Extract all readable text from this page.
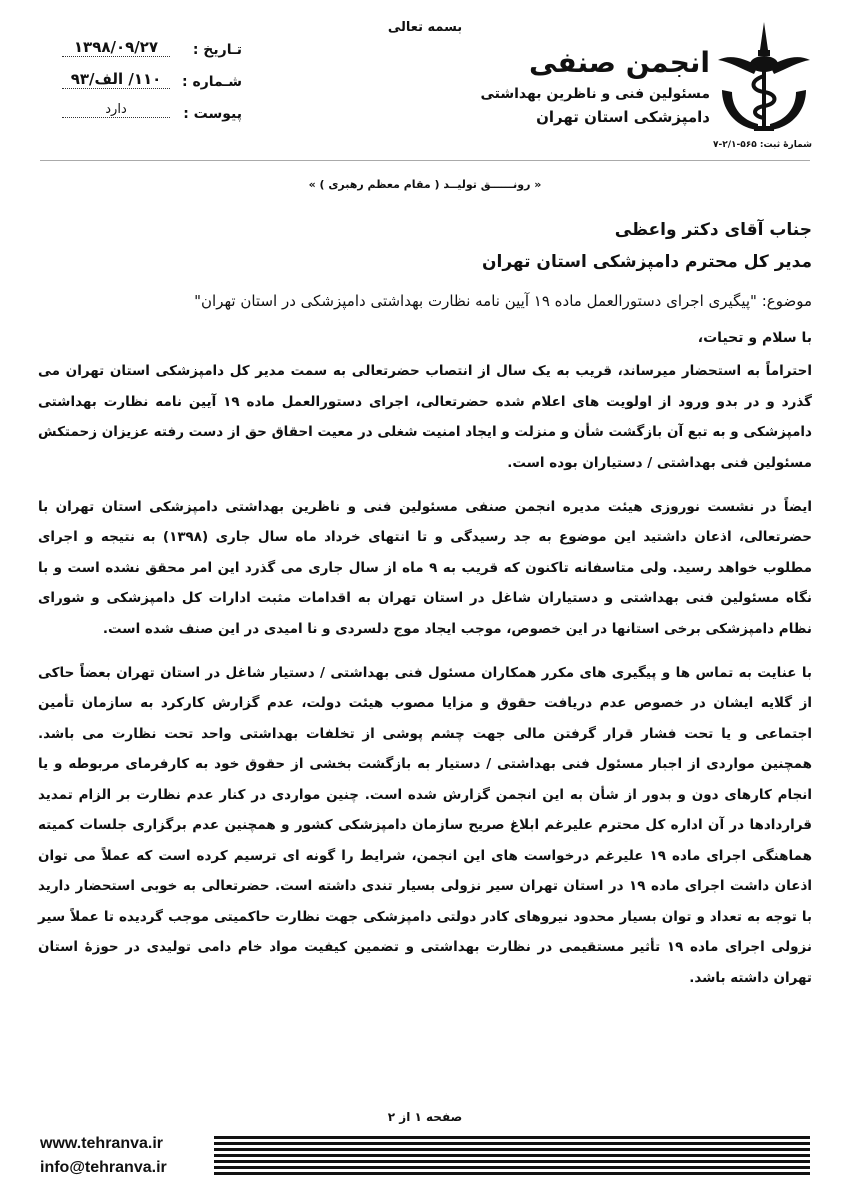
بسمه تعالی
تـاریخ :
۱۳۹۸/۰۹/۲۷
شـماره :
۱۱۰/ الف/۹۳
پیوست :
دارد
انجمن صنفی
مسئولین فنی و ناظرین بهداشتی
دامپزشکی استان تهران
شمارهٔ ثبت: ۵۶۵-۲/۱-۷
« رونــــــق تولیــد ( مقام معظم رهبری ) »
جناب آقای دکتر واعظی
مدیر کل محترم دامپزشکی استان تهران
موضوع: "پیگیری اجرای دستورالعمل ماده ۱۹ آیین نامه نظارت بهداشتی دامپزشکی در استان تهران"
با سلام و تحیات،

احتراماً به استحضار میرساند، قریب به یک سال از انتصاب حضرتعالی به سمت مدیر کل دامپزشکی استان تهران می گذرد و در بدو ورود از اولویت های اعلام شده حضرتعالی، اجرای دستورالعمل ماده ۱۹ آیین نامه نظارت بهداشتی دامپزشکی و به تبع آن بازگشت شأن و منزلت و ایجاد امنیت شغلی در معیت احقاق حق از دست رفته عزیزان زحمتکش مسئولین فنی بهداشتی / دستیاران بوده است.

ایضاً در نشست نوروزی هیئت مدیره انجمن صنفی مسئولین فنی و ناظرین بهداشتی دامپزشکی استان تهران با حضرتعالی، اذعان داشتید این موضوع به جد رسیدگی و تا انتهای خرداد ماه سال جاری (۱۳۹۸) به نتیجه و اجرای مطلوب خواهد رسید. ولی متاسفانه تاکنون که قریب به ۹ ماه از سال جاری می گذرد این امر محقق نشده است و با نگاه مسئولین فنی بهداشتی و دستیاران شاغل در استان تهران به اقدامات مثبت ادارات کل دامپزشکی و شورای نظام دامپزشکی برخی استانها در این خصوص، موجب ایجاد موج دلسردی و نا امیدی در این صنف شده است.

با عنایت به تماس ها و پیگیری های مکرر همکاران مسئول فنی بهداشتی / دستیار شاغل در استان تهران بعضاً حاکی از گلایه ایشان در خصوص عدم دریافت حقوق و مزایا مصوب هیئت دولت، عدم گزارش کارکرد به سازمان تأمین اجتماعی و یا تحت فشار قرار گرفتن مالی جهت چشم پوشی از تخلفات بهداشتی واحد تحت نظارت می باشد. همچنین مواردی از اجبار مسئول فنی بهداشتی / دستیار به بازگشت بخشی از حقوق خود به کارفرمای مربوطه و یا انجام کارهای دون و بدور از شأن به این انجمن گزارش شده است. چنین مواردی در کنار عدم نظارت بر الزام تمدید قراردادها در آن اداره کل محترم علیرغم ابلاغ صریح سازمان دامپزشکی کشور و همچنین عدم برگزاری جلسات کمیته هماهنگی اجرای ماده ۱۹ علیرغم درخواست های این انجمن، شرایط را گونه ای ترسیم کرده است که عملاً می توان اذعان داشت اجرای ماده ۱۹ در استان تهران سیر نزولی بسیار تندی داشته است. حضرتعالی به خوبی استحضار دارید با توجه به تعداد و توان بسیار محدود نیروهای کادر دولتی دامپزشکی جهت نظارت حاکمیتی موجب گردیده تا عملاً سیر نزولی اجرای ماده ۱۹ تأثیر مستقیمی در نظارت بهداشتی و تضمین کیفیت مواد خام دامی تولیدی در حوزهٔ استان تهران داشته باشد.

صفحه ۱ از ۲
www.tehranva.ir
info@tehranva.ir
